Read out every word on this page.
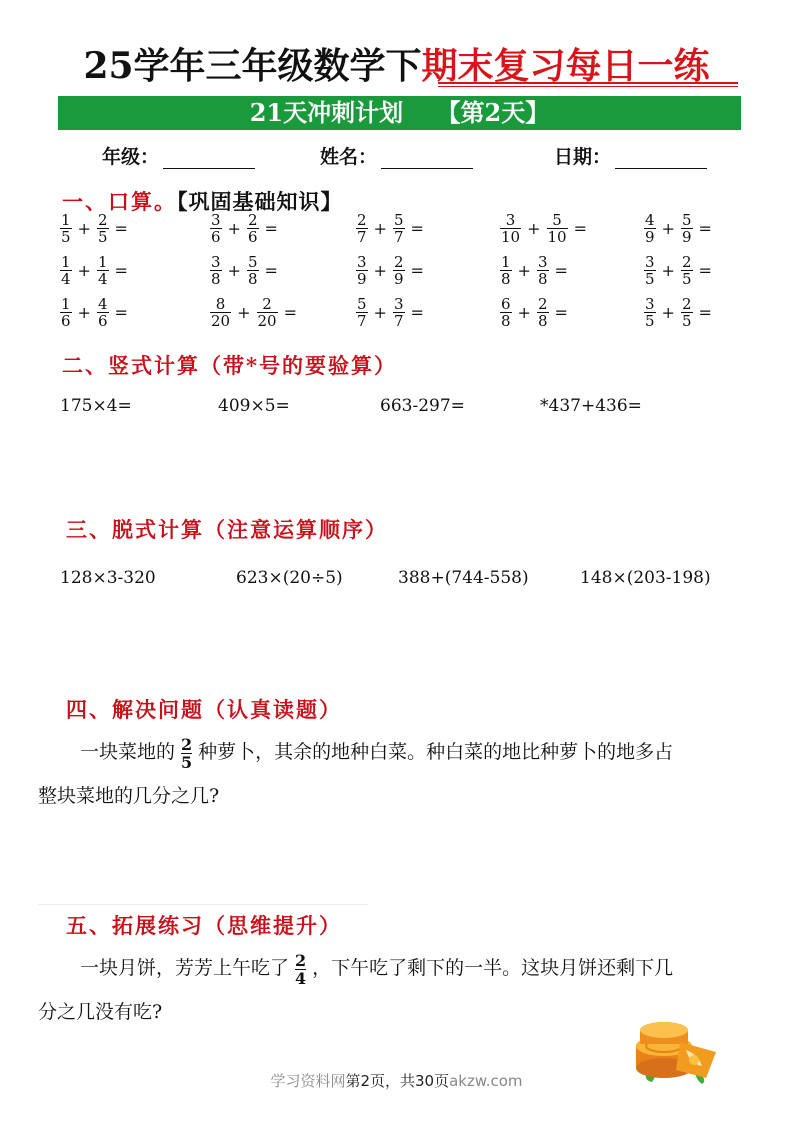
25学年三年级数学下期末复习每日一练
21天冲刺计划    【第2天】
年级：	姓名：	日期：
一、口算。【巩固基础知识】
$\frac{1}{5} + \frac{2}{5}$ =	$\frac{3}{6} + \frac{2}{6}$ =	$\frac{2}{7} + \frac{5}{7}$ =	$\frac{3}{10} + \frac{5}{10}$ =	$\frac{4}{9} + \frac{5}{9}$ =
$\frac{1}{4} + \frac{1}{4}$ =	$\frac{3}{8} + \frac{5}{8}$ =	$\frac{3}{9} + \frac{2}{9}$ =	$\frac{1}{8} + \frac{3}{8}$ =	$\frac{3}{5} + \frac{2}{5}$ =
$\frac{1}{6} + \frac{4}{6}$ =	$\frac{8}{20} + \frac{2}{20}$ =	$\frac{5}{7} + \frac{3}{7}$ =	$\frac{6}{8} + \frac{2}{8}$ =	$\frac{3}{5} + \frac{2}{5}$ =
二、竖式计算（带*号的要验算）
175×4=	409×5=	663-297=	*437+436=
三、脱式计算（注意运算顺序）
128×3-320	623×(20÷5)	388+(744-558)	148×(203-198)
四、解决问题（认真读题）
一块菜地的 $\frac{2}{5}$ 种萝卜，其余的地种白菜。种白菜的地比种萝卜的地多占
整块菜地的几分之几?
五、拓展练习（思维提升）
一块月饼，芳芳上午吃了 $\frac{2}{4}$ ，下午吃了剩下的一半。这块月饼还剩下几
分之几没有吃?
学习资料网第2页，共30页akzw.com
